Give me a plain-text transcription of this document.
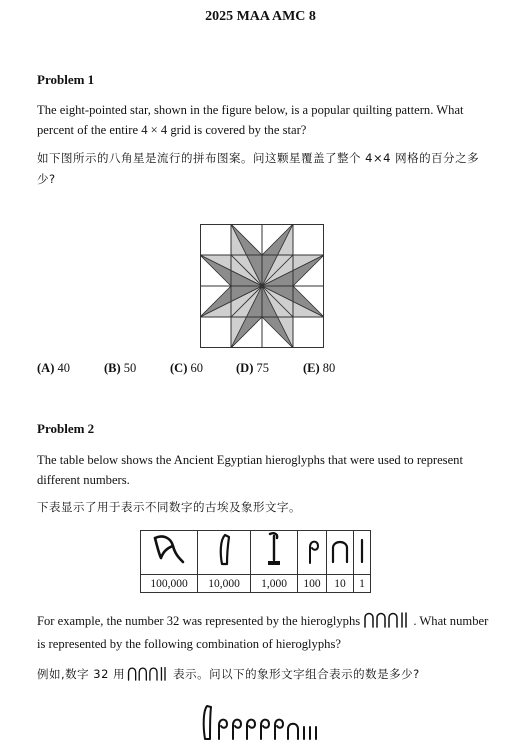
2025 MAA AMC 8
Problem 1
The eight-pointed star, shown in the figure below, is a popular quilting pattern. What percent of the entire 4 × 4 grid is covered by the star?
如下图所示的八角星是流行的拼布图案。问这颗星覆盖了整个 4×4 网格的百分之多少?
(A) 40	(B) 50	(C) 60	(D) 75	(E) 80
Problem 2
The table below shows the Ancient Egyptian hieroglyphs that were used to represent different numbers.
下表显示了用于表示不同数字的古埃及象形文字。

100,000	10,000	1,000	100	10	1
For example, the number 32 was represented by the hieroglyphs	. What number is represented by the following combination of hieroglyphs?
例如,数字 32 用	表示。问以下的象形文字组合表示的数是多少?
